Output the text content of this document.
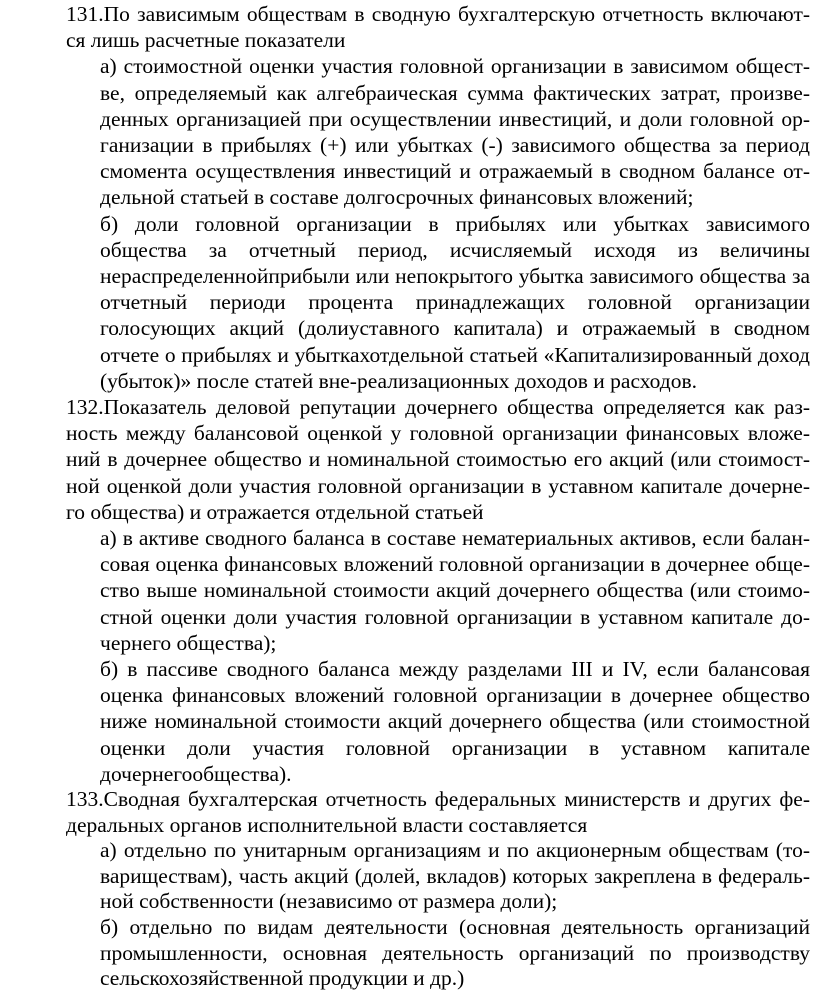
131.По зависимым обществам в сводную бухгалтерскую отчетность включают-ся лишь расчетные показатели

а) стоимостной оценки участия головной организации в зависимом общест-ве, определяемый как алгебраическая сумма фактических затрат, произве-денных организацией при осуществлении инвестиций, и доли головной ор- ганизации в прибылях (+) или убытках (-) зависимого общества за период смомента осуществления инвестиций и отражаемый в сводном балансе от-дельной статьей в составе долгосрочных финансовых вложений;
б) доли головной организации в прибылях или убытках зависимого общества за отчетный период, исчисляемый исходя из величины нераспределеннойприбыли или непокрытого убытка зависимого общества за отчетный периоди процента принадлежащих головной организации голосующих акций (долиуставного капитала) и отражаемый в сводном отчете о прибылях и убыткахотдельной статьей «Капитализированный доход (убыток)» после статей вне-реализационных доходов и расходов.

132.Показатель деловой репутации дочернего общества определяется как раз-ность между балансовой оценкой у головной организации финансовых вложе-ний в дочернее общество и номинальной стоимостью его акций (или стоимост- ной оценкой доли участия головной организации в уставном капитале дочерне-го общества) и отражается отдельной статьей

а) в активе сводного баланса в составе нематериальных активов, если балан- совая оценка финансовых вложений головной организации в дочернее обще- ство выше номинальной стоимости акций дочернего общества (или стоимо-стной оценки доли участия головной организации в уставном капитале до-чернего общества);
б) в пассиве сводного баланса между разделами III и IV, если балансовая оценка финансовых вложений головной организации в дочернее общество ниже номинальной стоимости акций дочернего общества (или стоимостной оценки доли участия головной организации в уставном капитале дочернегообщества).

133.Сводная бухгалтерская отчетность федеральных министерств и других фе-деральных органов исполнительной власти составляется

а) отдельно по унитарным организациям и по акционерным обществам (то- вариществам), часть акций (долей, вкладов) которых закреплена в федераль-ной собственности (независимо от размера доли);
б) отдельно по видам деятельности (основная деятельность организаций промышленности, основная деятельность организаций по производству сельскохозяйственной продукции и др.)
